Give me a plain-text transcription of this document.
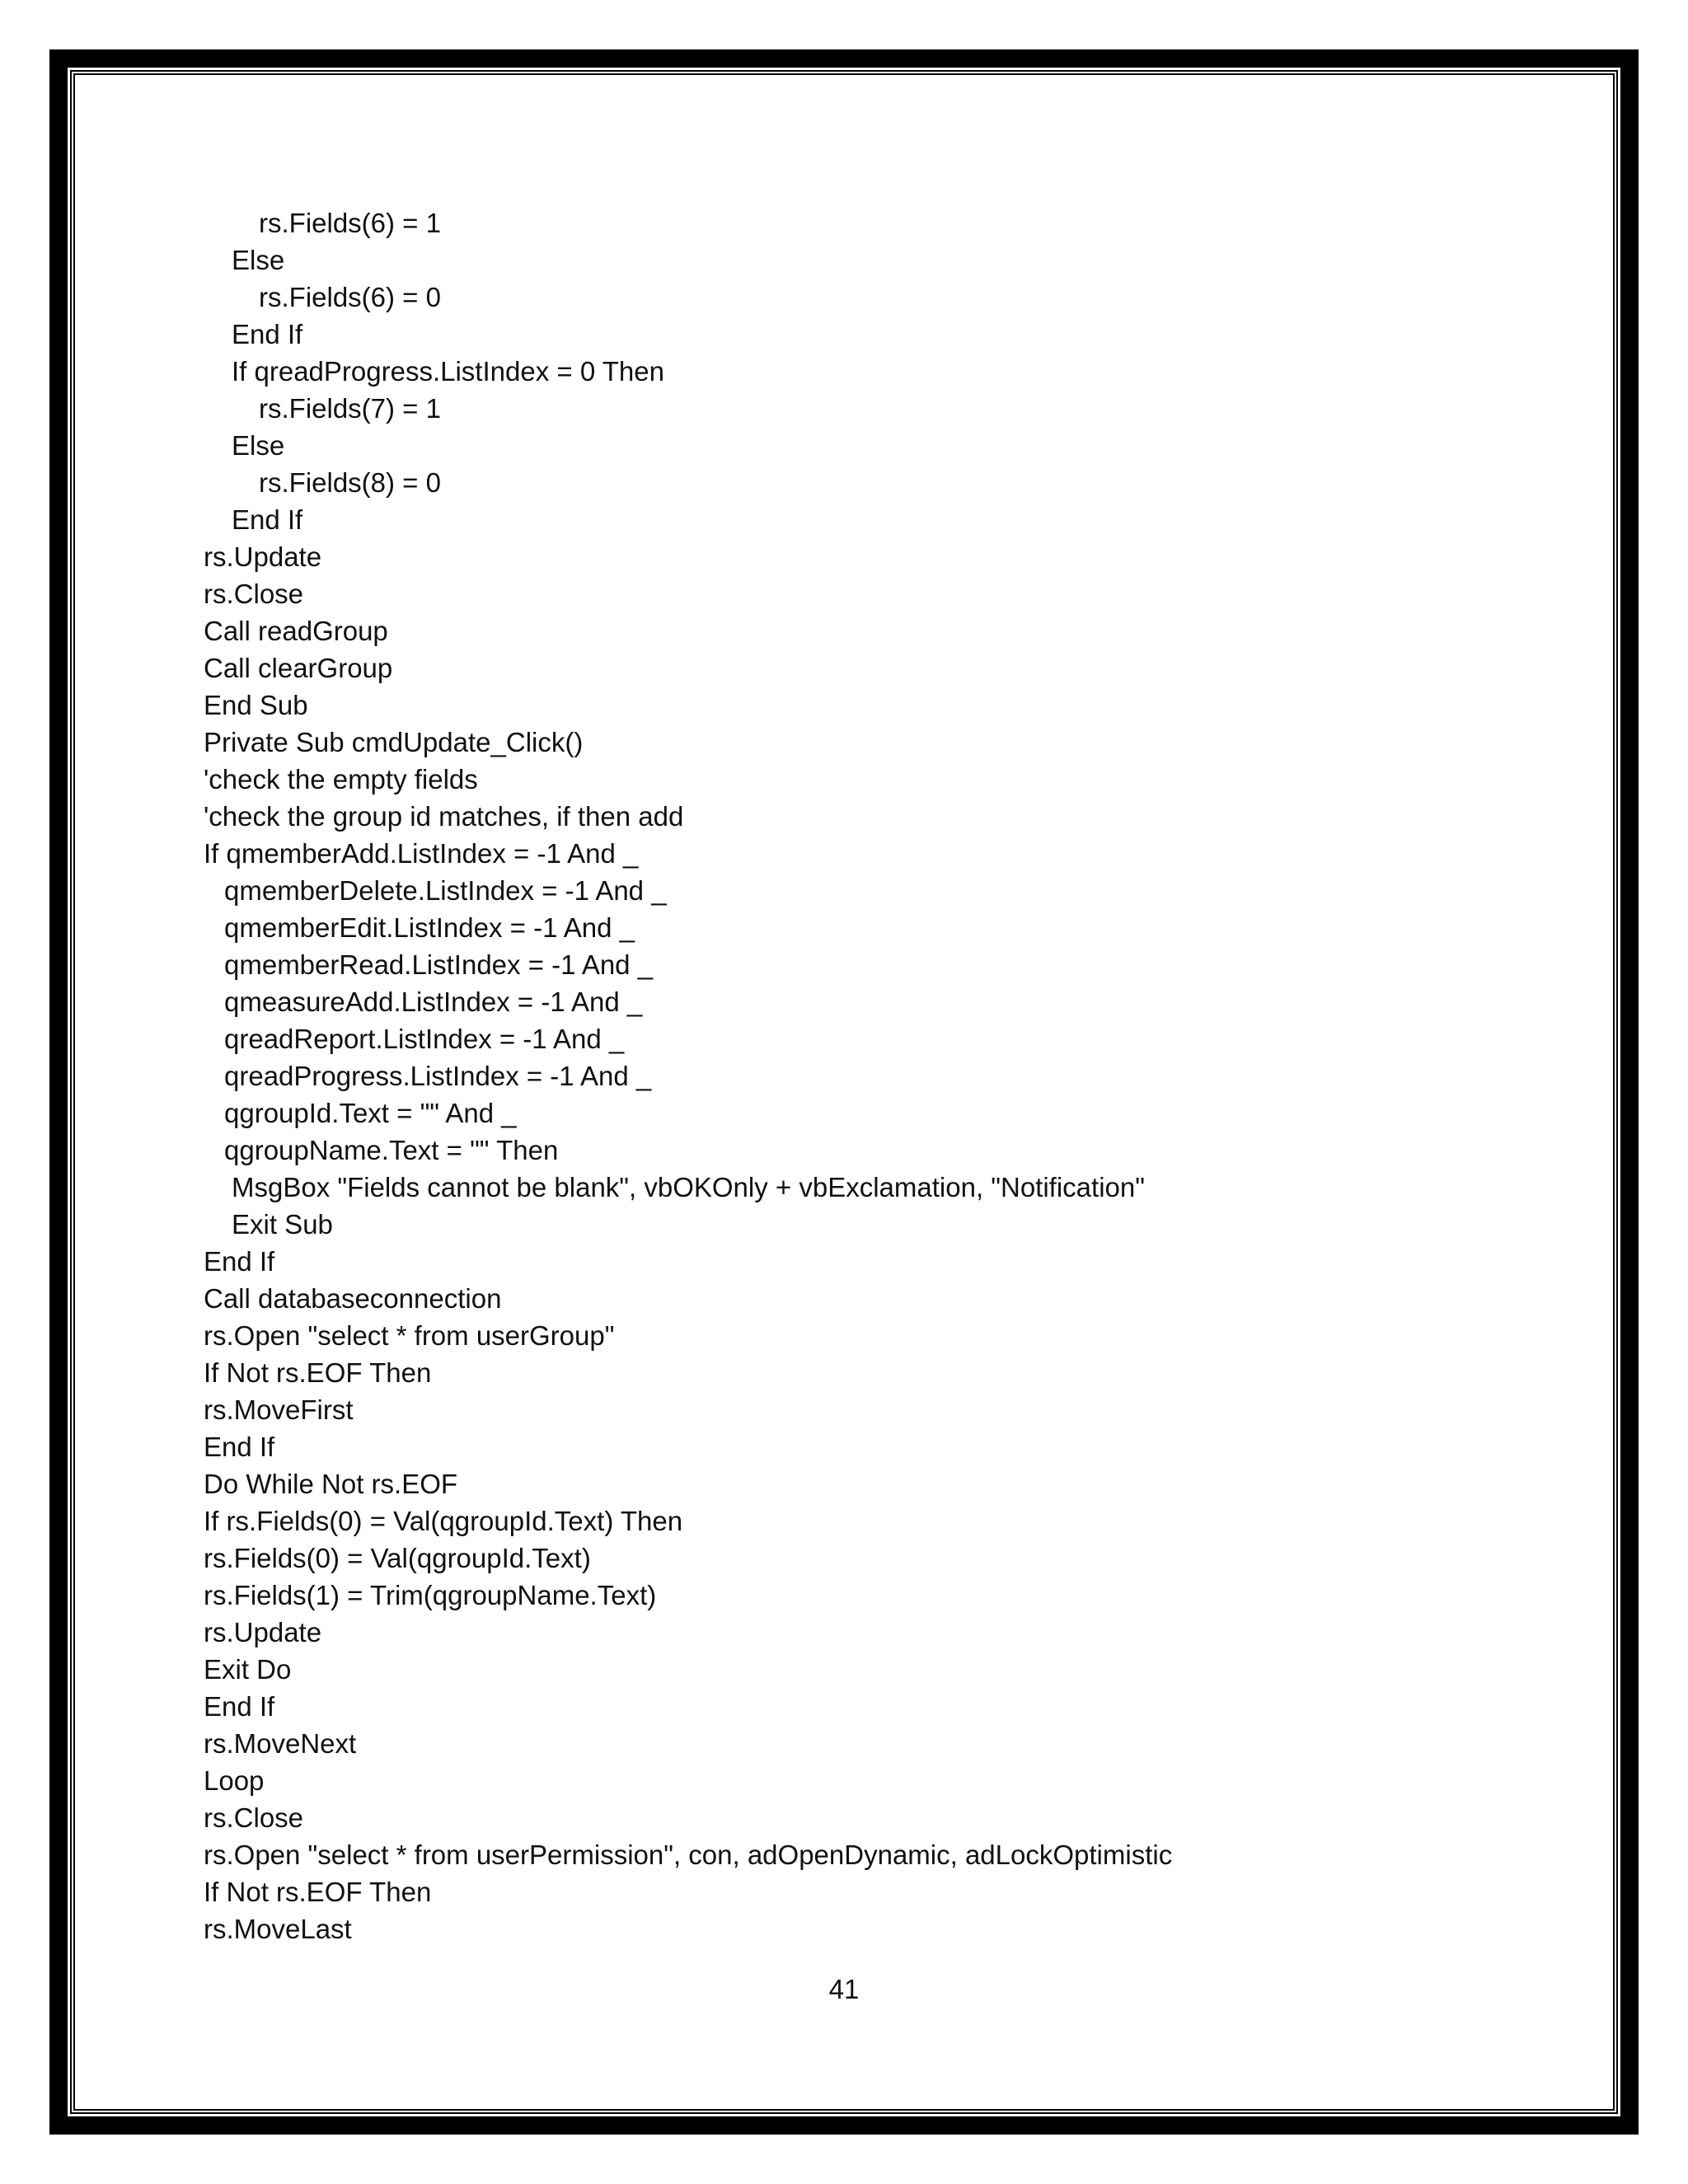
rs.Fields(6) = 1
Else
rs.Fields(6) = 0
End If
If qreadProgress.ListIndex = 0 Then
rs.Fields(7) = 1
Else
rs.Fields(8) = 0
End If
rs.Update
rs.Close
Call readGroup
Call clearGroup
End Sub
Private Sub cmdUpdate_Click()
'check the empty fields
'check the group id matches, if then add
If qmemberAdd.ListIndex = -1 And _
qmemberDelete.ListIndex = -1 And _
qmemberEdit.ListIndex = -1 And _
qmemberRead.ListIndex = -1 And _
qmeasureAdd.ListIndex = -1 And _
qreadReport.ListIndex = -1 And _
qreadProgress.ListIndex = -1 And _
qgroupId.Text = "" And _
qgroupName.Text = "" Then
MsgBox "Fields cannot be blank", vbOKOnly + vbExclamation, "Notification"
Exit Sub
End If
Call databaseconnection
rs.Open "select * from userGroup"
If Not rs.EOF Then
rs.MoveFirst
End If
Do While Not rs.EOF
If rs.Fields(0) = Val(qgroupId.Text) Then
rs.Fields(0) = Val(qgroupId.Text)
rs.Fields(1) = Trim(qgroupName.Text)
rs.Update
Exit Do
End If
rs.MoveNext
Loop
rs.Close
rs.Open "select * from userPermission", con, adOpenDynamic, adLockOptimistic
If Not rs.EOF Then
rs.MoveLast
41
